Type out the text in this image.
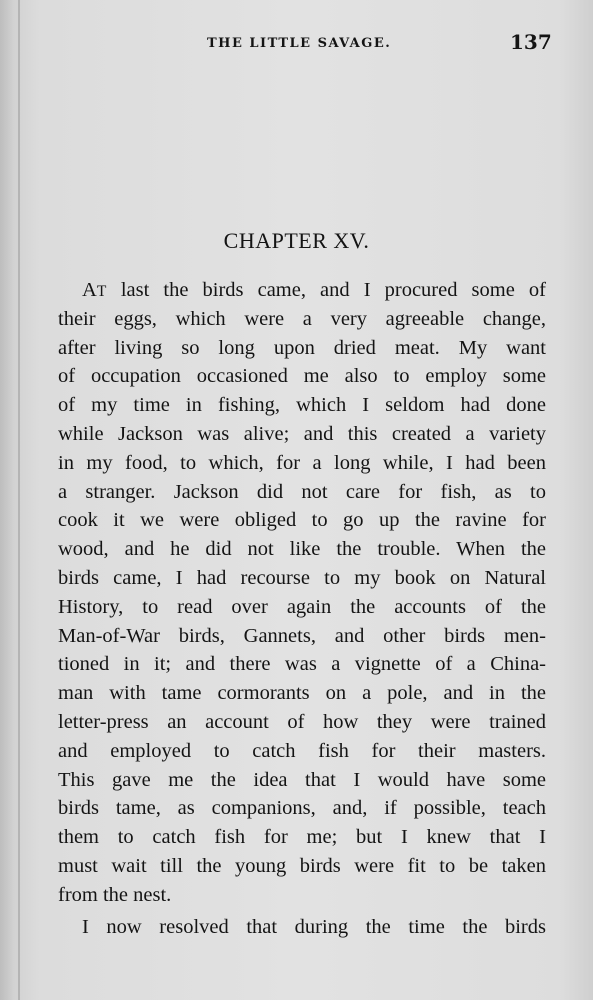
THE LITTLE SAVAGE.	137
CHAPTER XV.
AT last the birds came, and I procured some of
their eggs, which were a very agreeable change,
after living so long upon dried meat. My want
of occupation occasioned me also to employ some
of my time in fishing, which I seldom had done
while Jackson was alive; and this created a variety
in my food, to which, for a long while, I had been
a stranger. Jackson did not care for fish, as to
cook it we were obliged to go up the ravine for
wood, and he did not like the trouble. When the
birds came, I had recourse to my book on Natural
History, to read over again the accounts of the
Man-of-War birds, Gannets, and other birds men-
tioned in it; and there was a vignette of a China-
man with tame cormorants on a pole, and in the
letter-press an account of how they were trained
and employed to catch fish for their masters.
This gave me the idea that I would have some
birds tame, as companions, and, if possible, teach
them to catch fish for me; but I knew that I
must wait till the young birds were fit to be taken
from the nest.
I now resolved that during the time the birds
